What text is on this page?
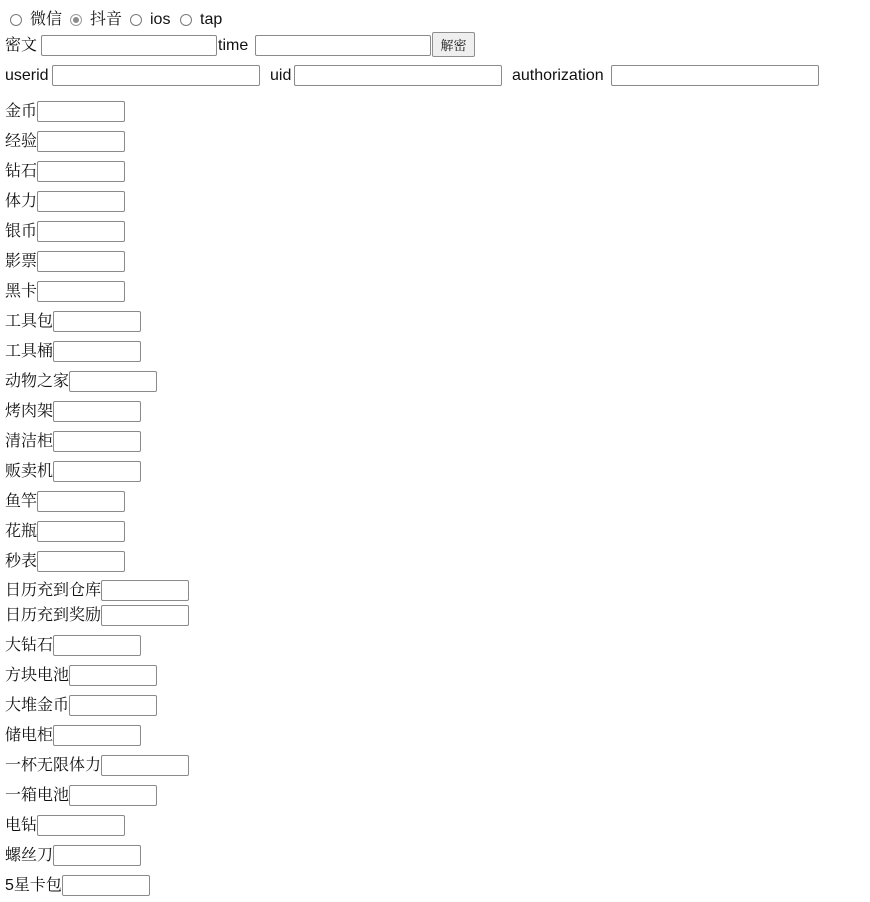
微信 抖音 ios tap
密文	time	解密
userid	uid	authorization
金币
经验
钻石
体力
银币
影票
黑卡
工具包
工具桶
动物之家
烤肉架
清洁柜
贩卖机
鱼竿
花瓶
秒表
日历充到仓库
日历充到奖励
大钻石
方块电池
大堆金币
储电柜
一杯无限体力
一箱电池
电钻
螺丝刀
5星卡包
